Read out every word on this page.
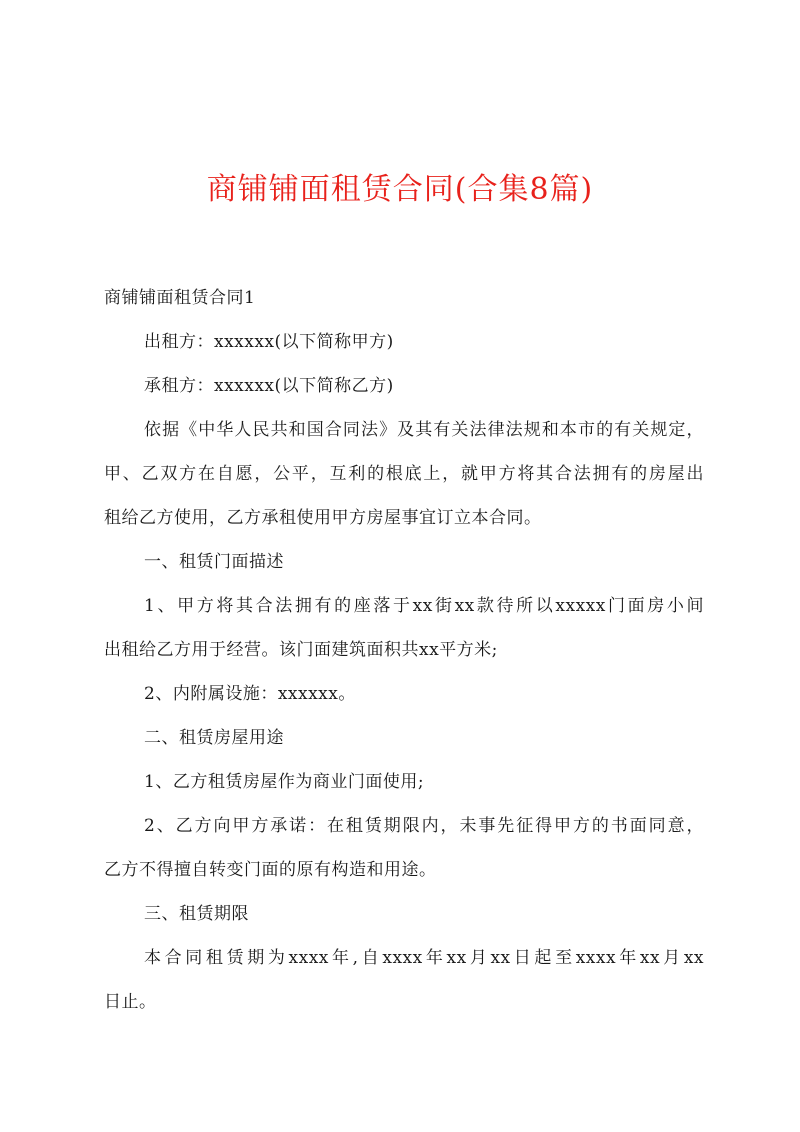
商铺铺面租赁合同(合集8篇)

商铺铺面租赁合同1

出租方：xxxxxx(以下简称甲方)

承租方：xxxxxx(以下简称乙方)

依据《中华人民共和国合同法》及其有关法律法规和本市的有关规定，

甲、乙双方在自愿，公平，互利的根底上，就甲方将其合法拥有的房屋出

租给乙方使用，乙方承租使用甲方房屋事宜订立本合同。

一、租赁门面描述

1、甲方将其合法拥有的座落于xx街xx款待所以xxxxx门面房小间

出租给乙方用于经营。该门面建筑面积共xx平方米;

2、内附属设施：xxxxxx。

二、租赁房屋用途

1、乙方租赁房屋作为商业门面使用;

2、乙方向甲方承诺：在租赁期限内，未事先征得甲方的书面同意，

乙方不得擅自转变门面的原有构造和用途。

三、租赁期限

本合同租赁期为xxxx年,自xxxx年xx月xx日起至xxxx年xx月xx

日止。
